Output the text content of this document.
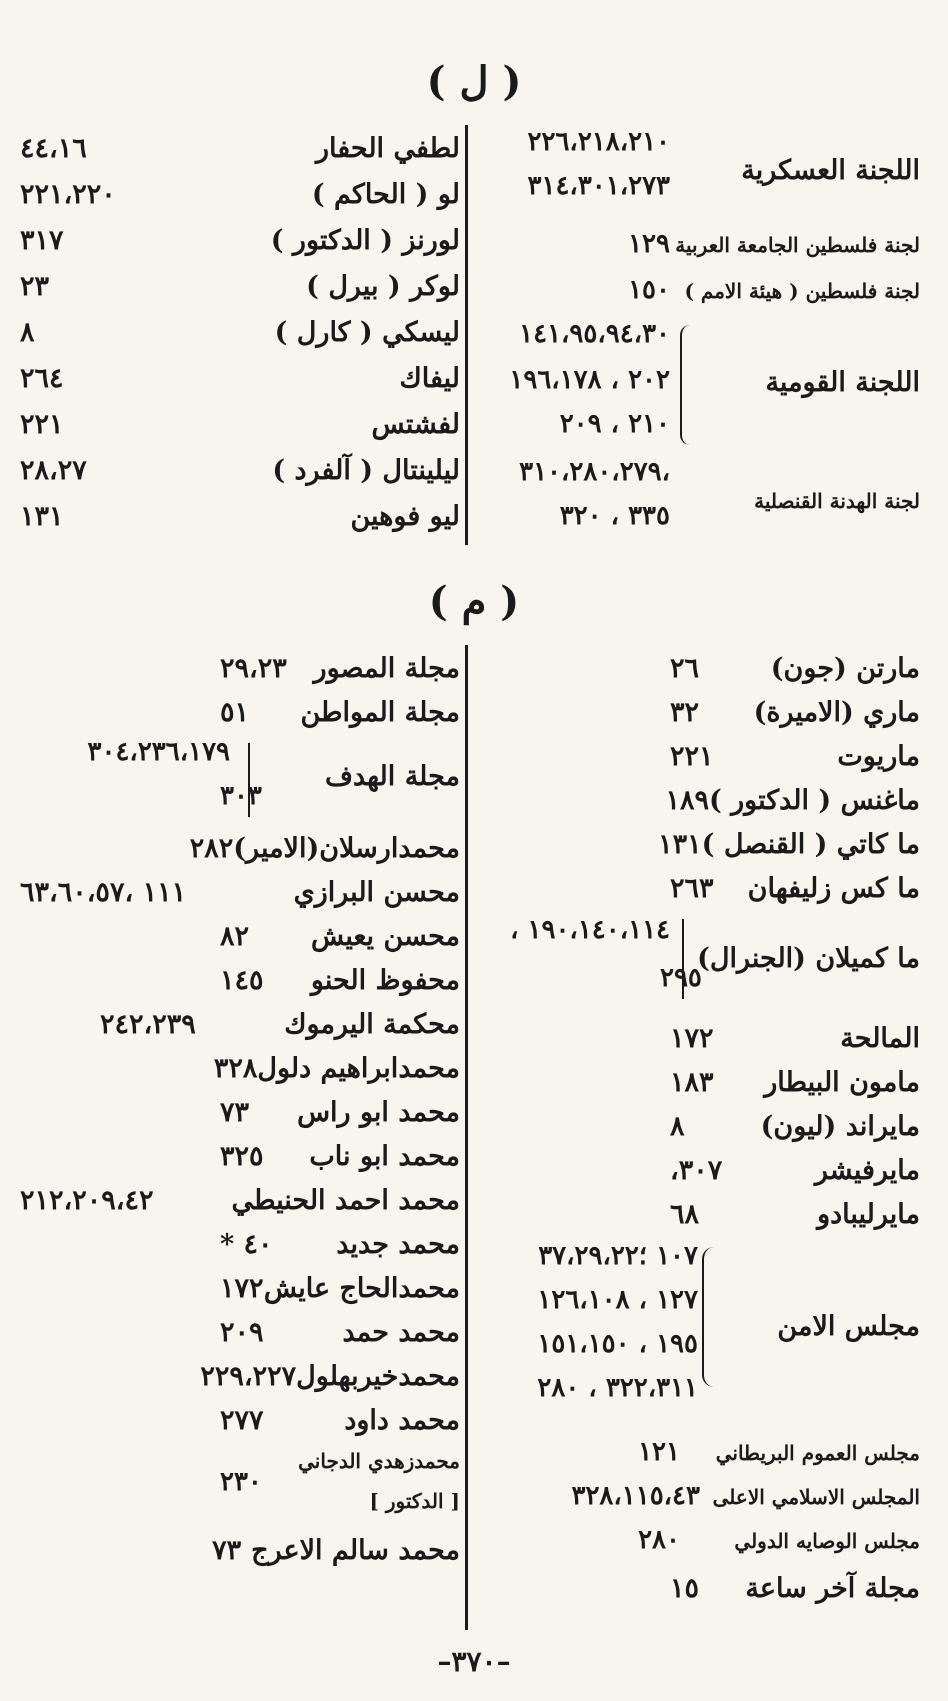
( ل )
اللجنة العسكرية
٢٢٦،٢١٨،٢١٠
٣١٤،٣٠١،٢٧٣
لجنة فلسطين الجامعة العربية
١٢٩
لجنة فلسطين ( هيئة الامم )
١٥٠
اللجنة القومية
١٤١،٩٥،٩٤،٣٠
٢٠٢ ، ١٩٦،١٧٨
٢١٠ ، ٢٠٩
لجنة الهدنة القنصلية
،٣١٠،٢٨٠،٢٧٩
٣٣٥ ، ٣٢٠
لطفي الحفار
٤٤،١٦
لو ( الحاكم )
٢٢١،٢٢٠
لورنز ( الدكتور )
٣١٧
لوكر ( بيرل )
٢٣
ليسكي ( كارل )
٨
ليفاك
٢٦٤
لفشتس
٢٢١
ليلينتال ( آلفرد )
٢٨،٢٧
ليو فوهين
١٣١
( م )
مارتن (جون)
٢٦
ماري (الاميرة)
٣٢
ماريوت
٢٢١
ماغنس ( الدكتور )
١٨٩
ما كاتي ( القنصل )
١٣١
ما كس زليفهان
٢٦٣
ما كميلان (الجنرال)
١٩٠،١٤٠،١١٤ ،
٢٩٥
المالحة
١٧٢
مامون البيطار
١٨٣
مايراند (ليون)
٨
مايرفيشر
٣٠٧،
مايرليبادو
٦٨
مجلس الامن
١٠٧ ؛٣٧،٢٩،٢٢
١٢٧ ، ١٢٦،١٠٨
١٩٥ ، ١٥١،١٥٠
٣٢٢،٣١١ ، ٢٨٠
مجلس العموم البريطاني
١٢١
المجلس الاسلامي الاعلى
٣٢٨،١١٥،٤٣
مجلس الوصايه الدولي
٢٨٠
مجلة آخر ساعة
١٥
مجلة المصور
٢٩،٢٣
مجلة المواطن
٥١
مجلة الهدف
٣٠٤،٢٣٦،١٧٩
٣٠٣
محمدارسلان(الامير)
٢٨٢
محسن البرازي
١١١ ،٦٣،٦٠،٥٧
محسن يعيش
٨٢
محفوظ الحنو
١٤٥
محكمة اليرموك
٢٤٢،٢٣٩
محمدابراهيم دلول
٣٢٨
محمد ابو راس
٧٣
محمد ابو ناب
٣٢٥
محمد احمد الحنيطي
٢١٢،٢٠٩،٤٢
محمد جديد
٤٠ *
محمدالحاج عايش
١٧٢
محمد حمد
٢٠٩
محمدخيربهلول
٢٢٩،٢٢٧
محمد داود
٢٧٧
محمدزهدي الدجاني
[ الدكتور ]
٢٣٠
محمد سالم الاعرج
٧٣
–٣٧٠–
